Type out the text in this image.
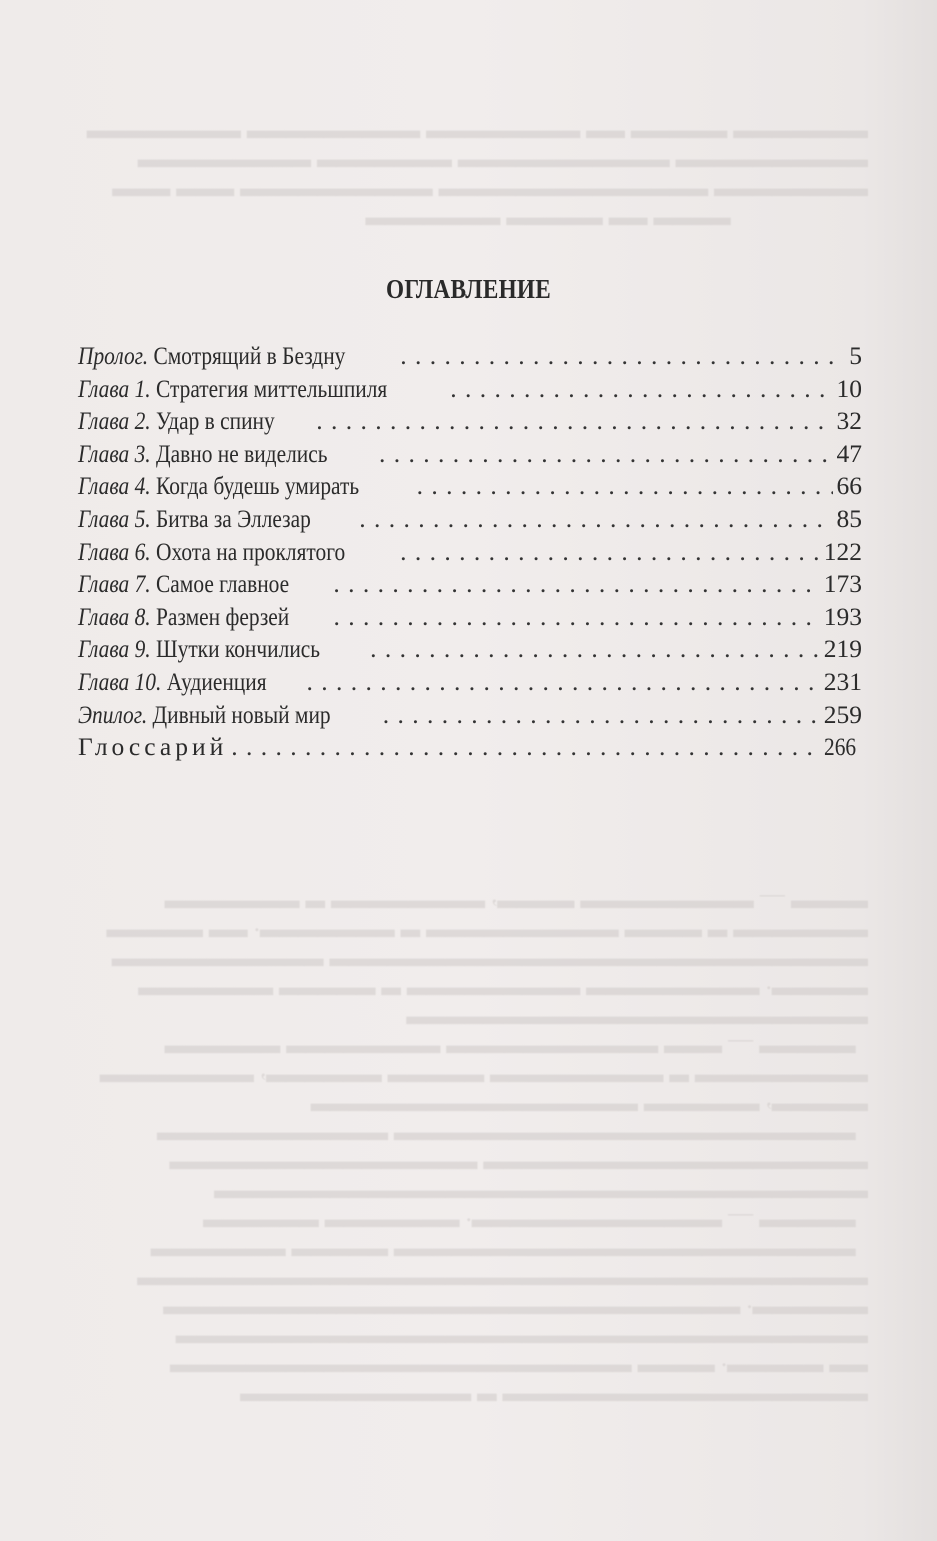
▂▂▂▂▂▂▂ ▂▂▂▂▂ ▂▂ ▂▂▂▂▂▂▂▂ ▂▂▂▂▂▂▂▂▂ ▂▂▂▂▂▂▂▂
▂▂▂▂▂▂▂▂▂▂ ▂▂▂▂▂▂▂▂▂▂▂ ▂▂▂▂▂▂▂ ▂▂▂▂▂▂▂▂▂
▂▂▂▂▂▂▂▂ ▂▂▂▂▂▂▂▂▂▂▂▂▂▂ ▂▂▂▂▂▂▂▂▂▂ ▂▂▂ ▂▂▂
▂▂▂▂ ▂▂ ▂▂▂▂▂ ▂▂▂▂▂▂▂
▂▂▂▂ — ▂▂▂▂▂▂▂▂▂ ▂▂▂▂, ▂▂▂▂▂▂▂▂ ▂ ▂▂▂▂▂▂▂
▂▂▂▂▂▂▂ ▂ ▂▂▂▂ ▂▂▂▂▂▂▂▂▂▂ ▂ ▂▂▂▂▂▂▂. ▂▂ ▂▂▂▂▂
▂▂▂▂▂▂▂▂▂▂▂▂▂▂▂▂▂▂▂▂▂▂▂▂▂▂▂▂ ▂▂▂▂▂▂▂▂▂▂▂
▂▂▂▂▂. ▂▂▂▂▂▂▂▂▂ ▂▂▂▂▂▂▂▂▂ ▂ ▂▂▂▂▂ ▂▂▂▂▂▂▂
▂▂▂▂▂▂▂▂▂▂▂▂▂▂▂▂▂▂▂▂▂▂▂▂
▂▂▂▂▂ — ▂▂▂ ▂▂▂▂▂▂▂▂▂▂▂ ▂▂▂▂▂▂▂▂ ▂▂▂▂▂▂
▂▂▂▂▂▂▂▂▂ ▂ ▂▂▂▂▂▂▂▂▂ ▂▂▂▂▂ ▂▂▂▂▂▂, ▂▂▂▂▂▂▂▂
▂▂▂▂▂, ▂▂▂▂▂▂ ▂▂▂▂▂▂▂▂▂▂▂▂▂▂▂▂▂
▂▂▂▂▂▂▂▂▂▂▂▂▂▂▂▂▂▂▂▂▂▂▂▂ ▂▂▂▂▂▂▂▂▂▂▂▂
▂▂▂▂▂▂▂▂▂▂▂▂▂▂▂▂▂▂▂▂ ▂▂▂▂▂▂▂▂▂▂▂▂▂▂▂▂
▂▂▂▂▂▂▂▂▂▂▂▂▂▂▂▂▂▂▂▂▂▂▂▂▂▂▂▂▂▂▂▂▂▂
▂▂▂▂▂ — ▂▂▂▂▂▂▂▂▂▂▂▂▂. ▂▂▂▂▂▂▂ ▂▂▂▂▂▂
▂▂▂▂▂▂▂▂▂▂▂▂▂▂▂▂▂▂▂▂▂▂▂▂ ▂▂▂▂▂ ▂▂▂▂▂▂▂
▂▂▂▂▂▂▂▂▂▂▂▂▂▂▂▂▂▂▂▂▂▂▂▂▂▂▂▂▂▂▂▂▂▂▂▂▂▂
▂▂▂▂▂▂. ▂▂▂▂▂▂▂▂▂▂▂▂▂▂▂▂▂▂▂▂▂▂▂▂▂▂▂▂▂▂
▂▂▂▂▂▂▂▂▂▂▂▂▂▂▂▂▂▂▂▂▂▂▂▂▂▂▂▂▂▂▂▂▂▂▂▂
▂▂ ▂▂▂▂▂. ▂▂▂▂ ▂▂▂▂▂▂▂▂▂▂▂▂▂▂▂▂▂▂▂▂▂▂▂▂
▂▂▂▂▂▂▂▂▂▂▂▂▂▂▂▂▂▂▂ ▂ ▂▂▂▂▂▂▂▂▂▂▂▂
ОГЛАВЛЕНИЕ
Пролог. Смотрящий в Бездну . . .	5
Глава 1. Стратегия миттельшпиля . . .	10
Глава 2. Удар в спину . . .	32
Глава 3. Давно не виделись . . .	47
Глава 4. Когда будешь умирать . . .	66
Глава 5. Битва за Эллезар . . .	85
Глава 6. Охота на проклятого . . .	122
Глава 7. Самое главное . . .	173
Глава 8. Размен ферзей . . .	193
Глава 9. Шутки кончились . . .	219
Глава 10. Аудиенция . . .	231
Эпилог. Дивный новый мир . . .	259
Глоссарий . . .	266
